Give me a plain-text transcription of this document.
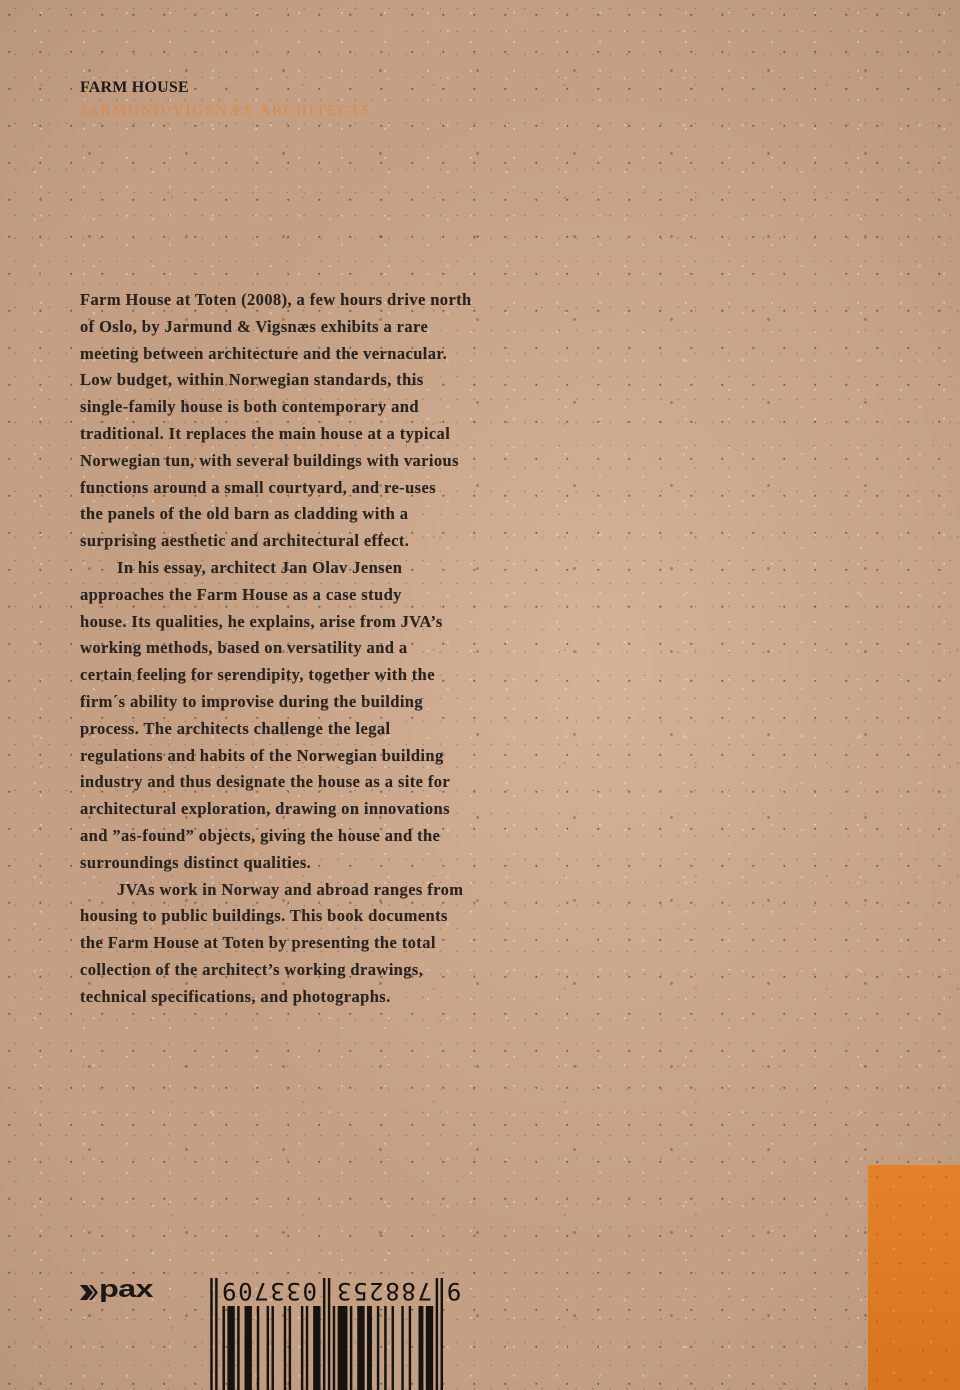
FARM HOUSE
JARMUND/VIGSNÆS ARCHITECTS
Farm House at Toten (2008), a few hours drive north
of Oslo, by Jarmund & Vigsnæs exhibits a rare
meeting between architecture and the vernacular.
Low budget, within Norwegian standards, this
single-family house is both contemporary and
traditional. It replaces the main house at a typical
Norwegian tun, with several buildings with various
functions around a small courtyard, and re-uses
the panels of the old barn as cladding with a
surprising aesthetic and architectural effect.
In his essay, architect Jan Olav Jensen
approaches the Farm House as a case study
house. Its qualities, he explains, arise from JVA’s
working methods, based on versatility and a
certain feeling for serendipity, together with the
firm´s ability to improvise during the building
process. The architects challenge the legal
regulations and habits of the Norwegian building
industry and thus designate the house as a site for
architectural exploration, drawing on innovations
and ”as-found” objects, giving the house and the
surroundings distinct qualities.
JVAs work in Norway and abroad ranges from
housing to public buildings. This book documents
the Farm House at Toten by presenting the total
collection of the architect’s working drawings,
technical specifications, and photographs.
pax	9
788253
033709
